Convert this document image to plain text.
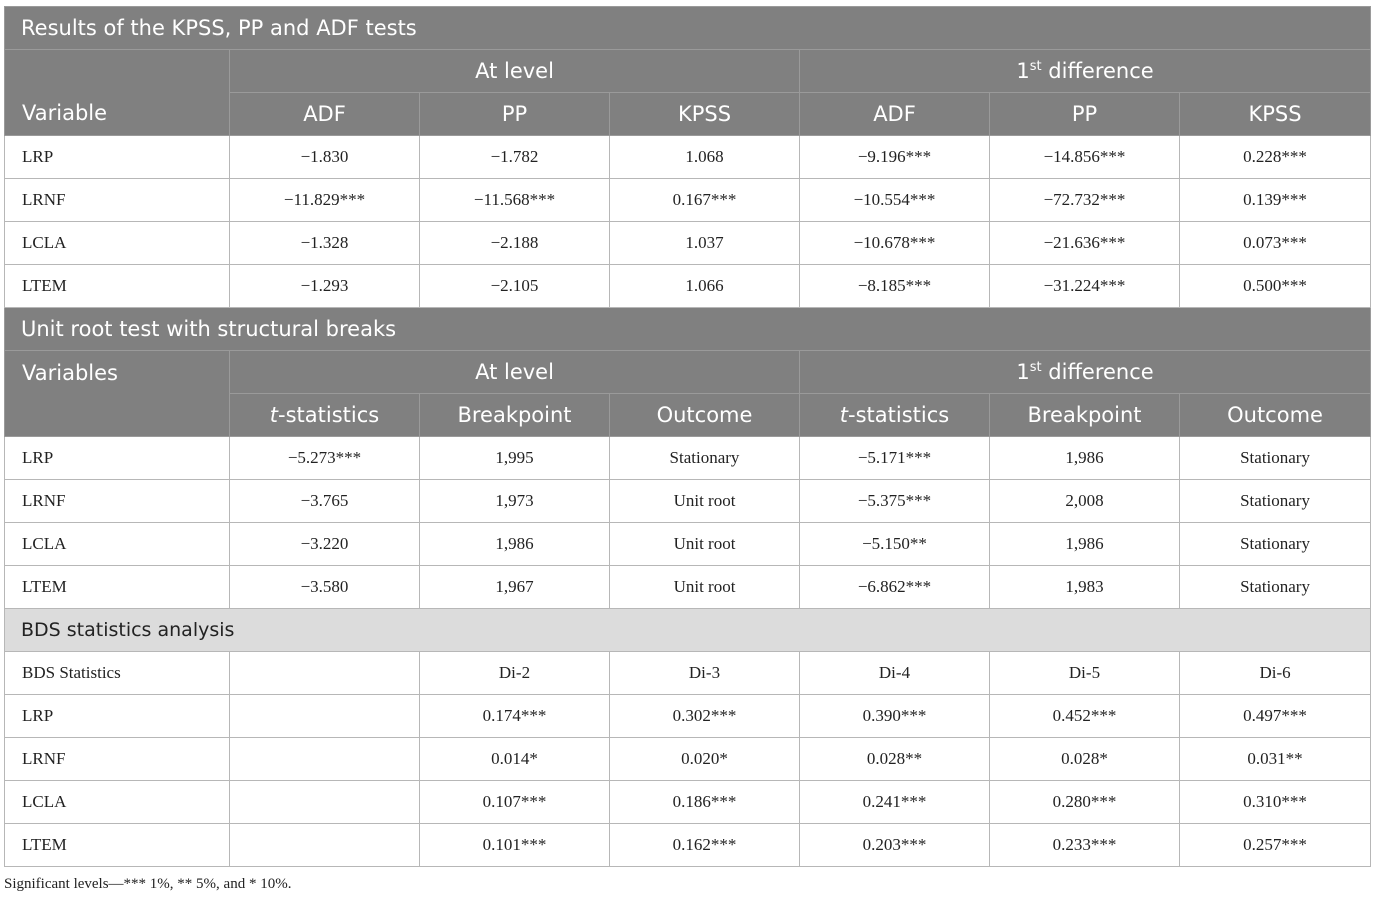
Results of the KPSS, PP and ADF tests						
Variable	At level			1st difference		
	ADF	PP	KPSS	ADF	PP	KPSS
LRP	−1.830	−1.782	1.068	−9.196***	−14.856***	0.228***
LRNF	−11.829***	−11.568***	0.167***	−10.554***	−72.732***	0.139***
LCLA	−1.328	−2.188	1.037	−10.678***	−21.636***	0.073***
LTEM	−1.293	−2.105	1.066	−8.185***	−31.224***	0.500***
Unit root test with structural breaks						
Variables	At level			1st difference		
	t-statistics	Breakpoint	Outcome	t-statistics	Breakpoint	Outcome
LRP	−5.273***	1,995	Stationary	−5.171***	1,986	Stationary
LRNF	−3.765	1,973	Unit root	−5.375***	2,008	Stationary
LCLA	−3.220	1,986	Unit root	−5.150**	1,986	Stationary
LTEM	−3.580	1,967	Unit root	−6.862***	1,983	Stationary
BDS statistics analysis						
BDS Statistics		Di-2	Di-3	Di-4	Di-5	Di-6
LRP		0.174***	0.302***	0.390***	0.452***	0.497***
LRNF		0.014*	0.020*	0.028**	0.028*	0.031**
LCLA		0.107***	0.186***	0.241***	0.280***	0.310***
LTEM		0.101***	0.162***	0.203***	0.233***	0.257***
Significant levels—*** 1%, ** 5%, and * 10%.
